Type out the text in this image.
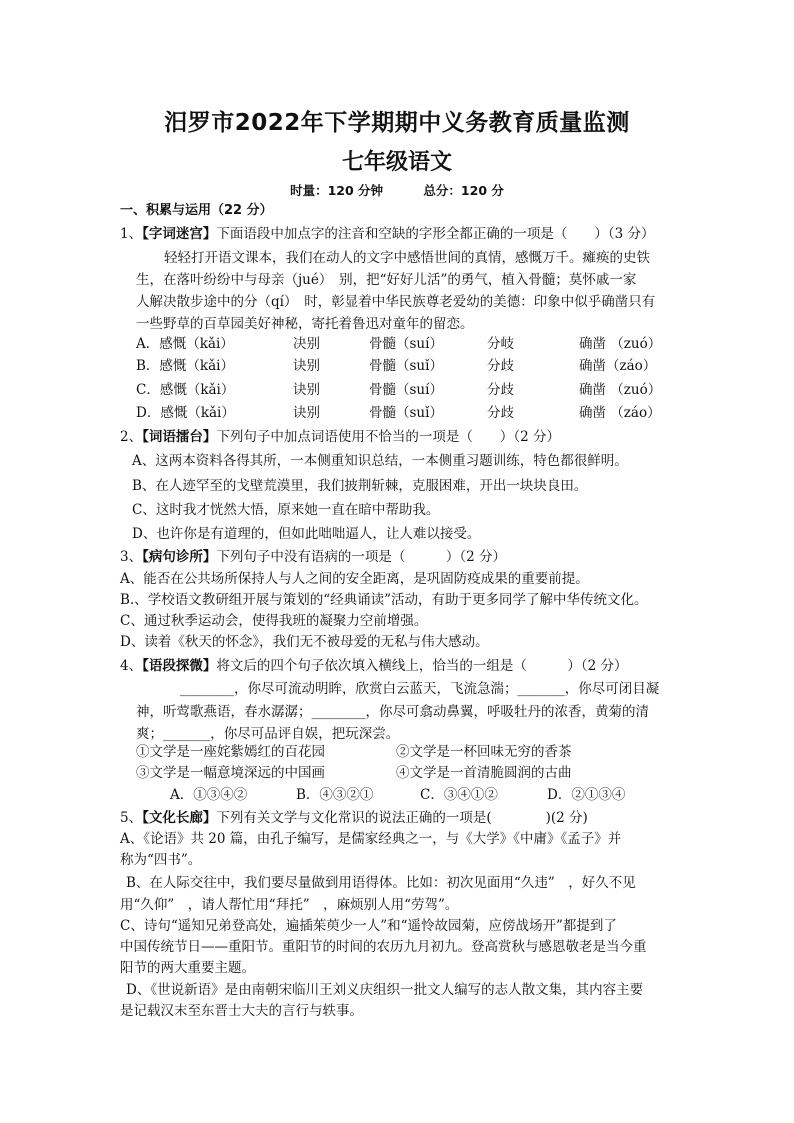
汨罗市2022年下学期期中义务教育质量监测
七年级语文
时量：120 分钟	总分：120 分
一、积累与运用（22 分）
1、【字词迷宫】下面语段中加点字的注音和空缺的字形全都正确的一项是（　　）（3 分）
轻轻打开语文课本，我们在动人的文字中感悟世间的真情，感慨万千。瘫痪的史铁
生，在落叶纷纷中与母亲（jué）　别，把“好好儿活”的勇气，植入骨髓；莫怀戚一家
人解决散步途中的分（qí）　时，彰显着中华民族尊老爱幼的美德：印象中似乎确凿只有
一些野草的百草园美好神秘，寄托着鲁迅对童年的留恋。
A．感慨（kǎi）	决别	骨髓（suí）	分岐	确凿 （zuó）
B．感慨（kǎi）	诀别	骨髓（suǐ）	分歧	确凿（záo）
C．感慨（kǎi）	诀别	骨髓（suí）	分歧	确凿 （zuó）
D．感慨（kǎi）	诀别	骨髓（suǐ）	分歧	确凿 （záo）
2、【词语擂台】下列句子中加点词语使用不恰当的一项是（　　）（2 分）
A、这两本资料各得其所，一本侧重知识总结，一本侧重习题训练，特色都很鲜明。
B、在人迹罕至的戈壁荒漠里，我们披荆斩棘，克服困难，开出一块块良田。
C、这时我才恍然大悟，原来她一直在暗中帮助我。
D、也许你是有道理的，但如此咄咄逼人，让人难以接受。
3、【病句诊所】下列句子中没有语病的一项是（　　　）（2 分）
A、能否在公共场所保持人与人之间的安全距离，是巩固防疫成果的重要前提。
B.、学校语文教研组开展与策划的“经典诵读”活动，有助于更多同学了解中华传统文化。
C、通过秋季运动会，使得我班的凝聚力空前增强。
D、读着《秋天的怀念》，我们无不被母爱的无私与伟大感动。
4、【语段探微】将文后的四个句子依次填入横线上，恰当的一组是（　　　）（2 分）
________，你尽可流动明眸，欣赏白云蓝天，飞流急湍；_______，你尽可闭目凝
神，听莺歌燕语，春水潺潺；________，你尽可翕动鼻翼，呼吸牡丹的浓香，黄菊的清
爽；_______，你尽可品评自娱，把玩深尝。
①文学是一座姹紫嫣红的百花园	②文学是一杯回味无穷的香茶
③文学是一幅意境深远的中国画	④文学是一首清脆圆润的古曲
A．①③④②	B．④③②①	C．③④①②	D．②①③④
5、【文化长廊】下列有关文学与文化常识的说法正确的一项是(　　　　)(2 分)
A、《论语》共 20 篇，由孔子编写，是儒家经典之一，与《大学》《中庸》《孟子》并
称为“四书”。
B、在人际交往中，我们要尽量做到用语得体。比如：初次见面用“久违”　，好久不见
用“久仰”　，请人帮忙用“拜托”　，麻烦别人用“劳驾”。
C、诗句“遥知兄弟登高处，遍插茱萸少一人”和“遥怜故园菊，应傍战场开”都提到了
中国传统节日——重阳节。重阳节的时间的农历九月初九。登高赏秋与感恩敬老是当今重
阳节的两大重要主题。
D、《世说新语》是由南朝宋临川王刘义庆组织一批文人编写的志人散文集，其内容主要
是记载汉末至东晋士大夫的言行与轶事。
